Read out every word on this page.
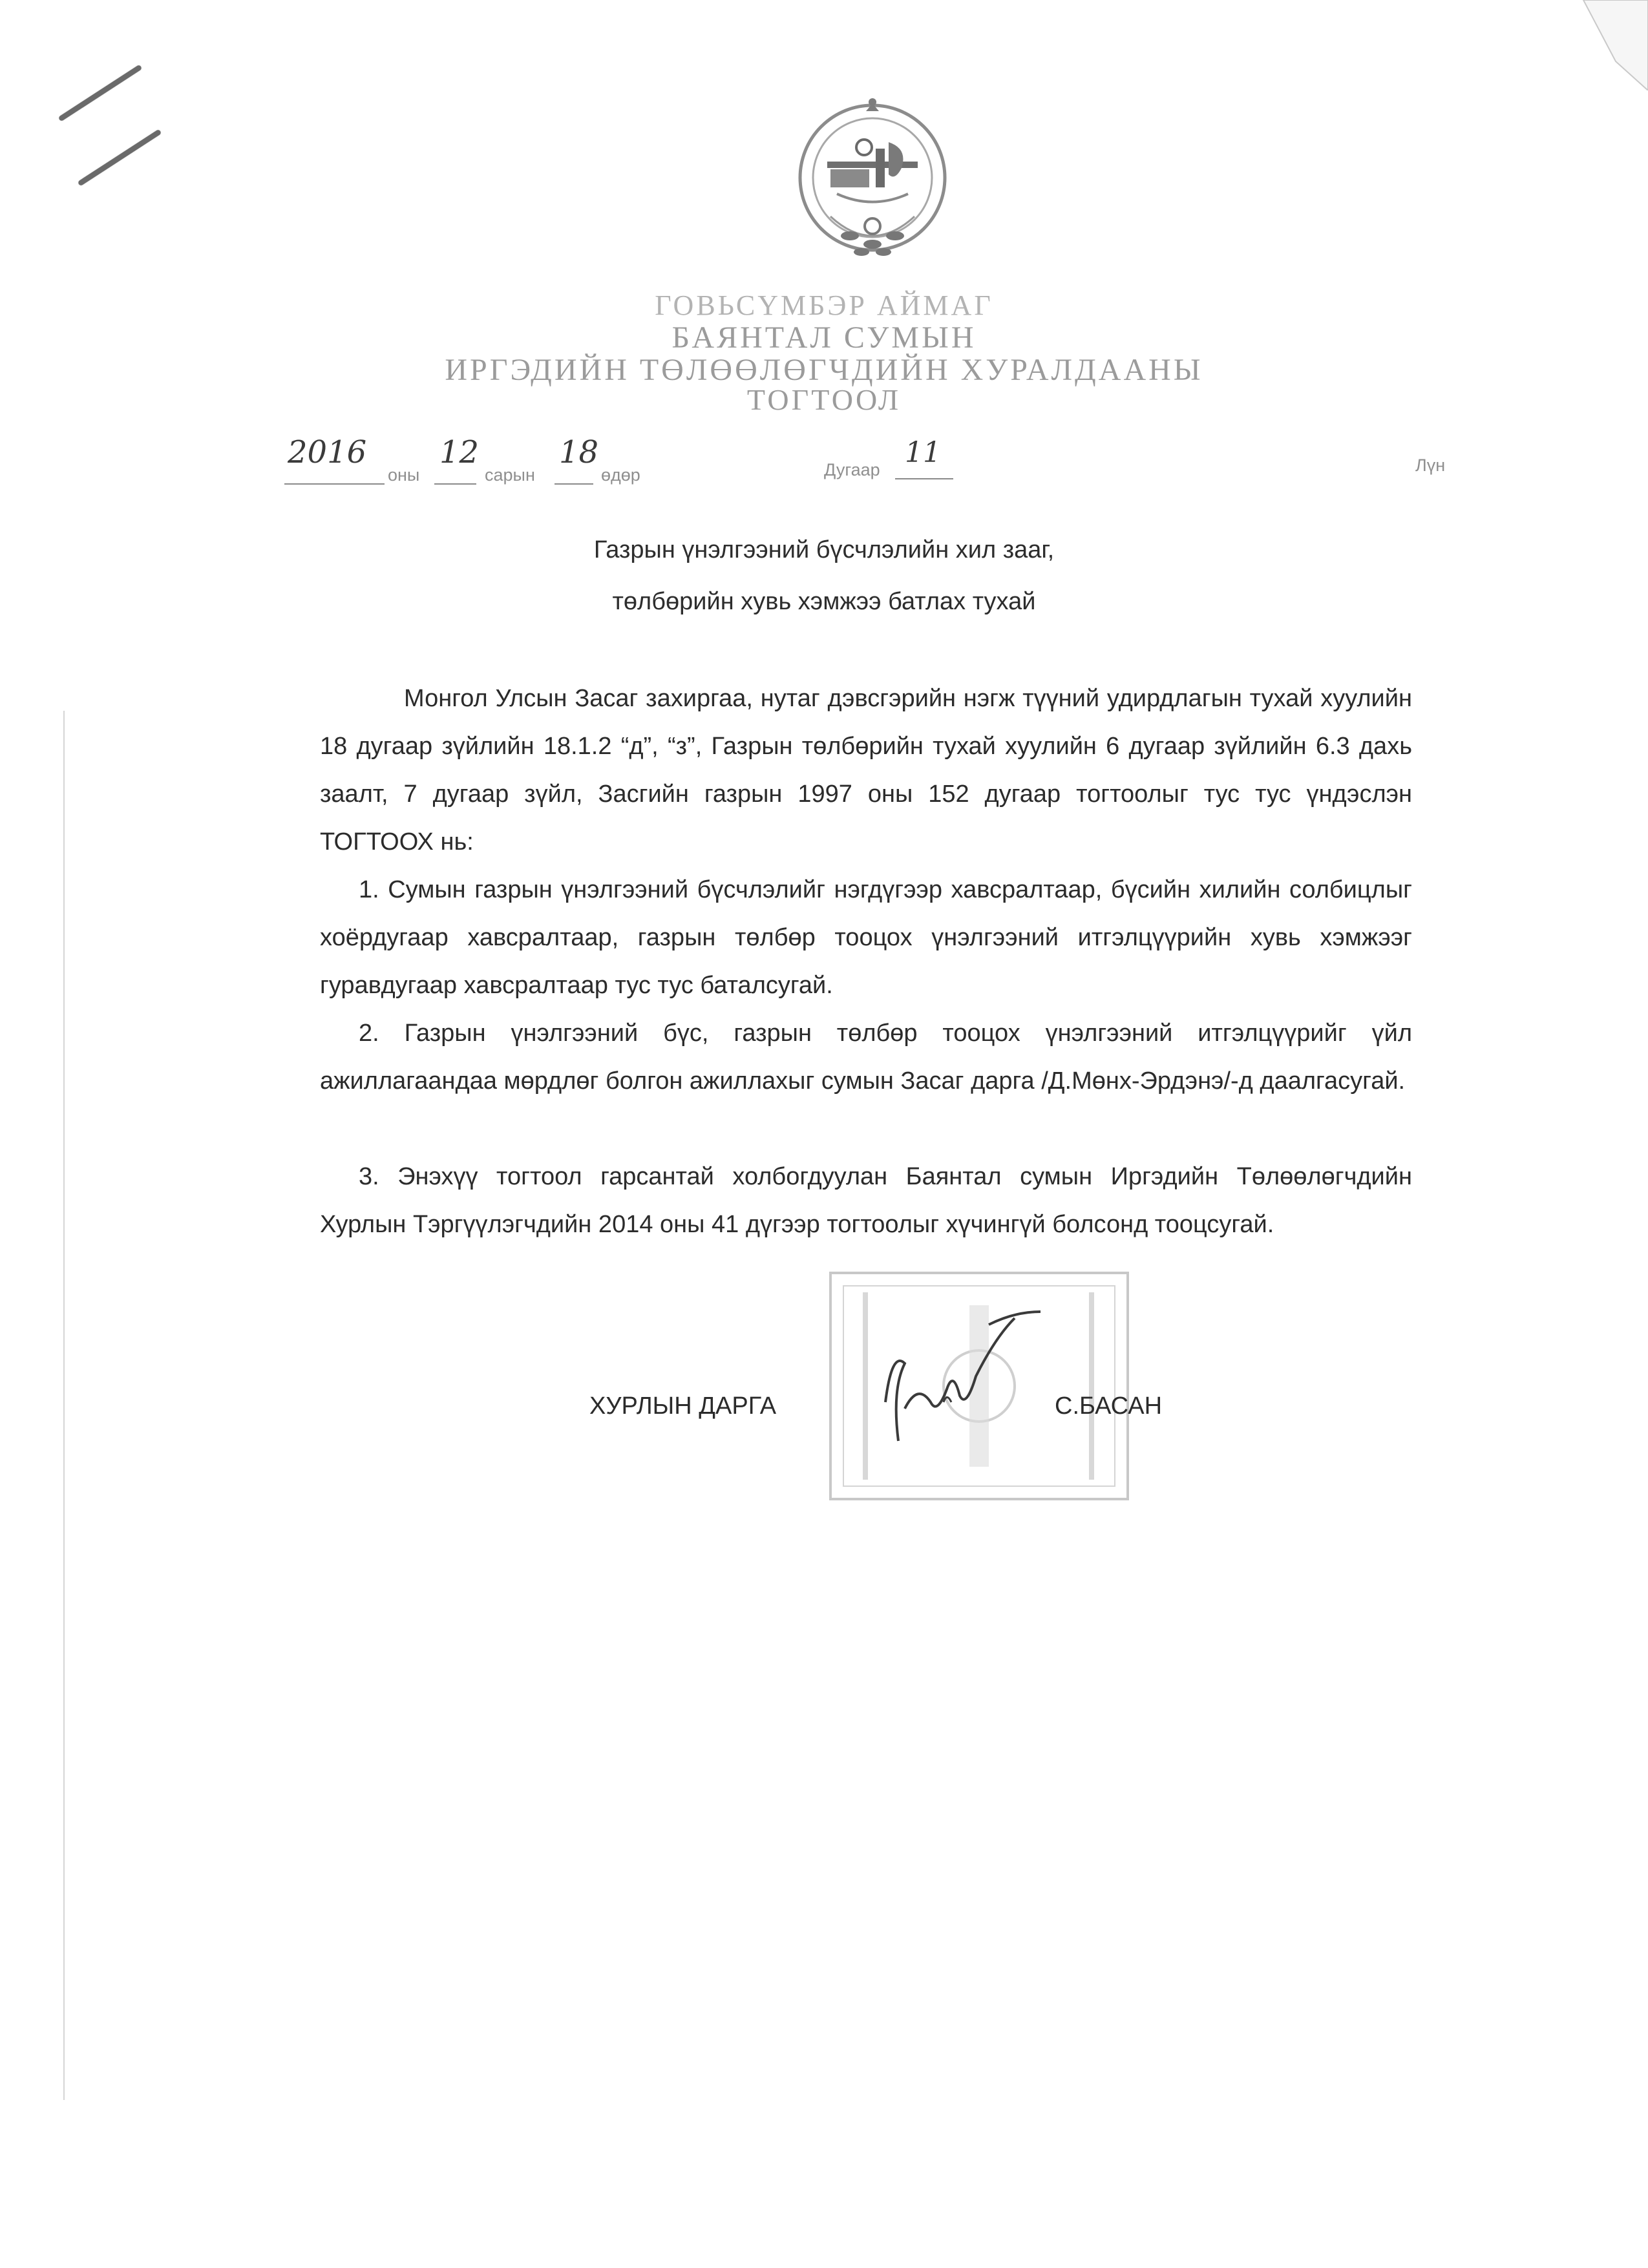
ГОВЬСҮМБЭР АЙМАГ
БАЯНТАЛ СУМЫН
ИРГЭДИЙН ТӨЛӨӨЛӨГЧДИЙН ХУРАЛДААНЫ
ТОГТООЛ
2016
оны
12
сарын
18
өдөр	Дугаар
11	Лүн
Газрын үнэлгээний бүсчлэлийн хил зааг,
төлбөрийн хувь хэмжээ батлах тухай
Монгол Улсын Засаг захиргаа, нутаг дэвсгэрийн нэгж түүний удирдлагын тухай хуулийн 18 дугаар зүйлийн 18.1.2 “д”, “з”, Газрын төлбөрийн тухай хуулийн 6 дугаар зүйлийн 6.3 дахь заалт, 7 дугаар зүйл, Засгийн газрын 1997 оны 152 дугаар тогтоолыг тус тус үндэслэн ТОГТООХ нь:
1. Сумын газрын үнэлгээний бүсчлэлийг нэгдүгээр хавсралтаар, бүсийн хилийн солбицлыг хоёрдугаар хавсралтаар, газрын төлбөр тооцох үнэлгээний итгэлцүүрийн хувь хэмжээг гуравдугаар хавсралтаар тус тус баталсугай.
2. Газрын үнэлгээний бүс, газрын төлбөр тооцох үнэлгээний итгэлцүүрийг үйл ажиллагаандаа мөрдлөг болгон ажиллахыг сумын Засаг дарга /Д.Мөнх-Эрдэнэ/-д даалгасугай.
3. Энэхүү тогтоол гарсантай холбогдуулан Баянтал сумын Иргэдийн Төлөөлөгчдийн Хурлын Тэргүүлэгчдийн 2014 оны 41 дүгээр тогтоолыг хүчингүй болсонд тооцсугай.
ХУРЛЫН ДАРГА	С.БАСАН
